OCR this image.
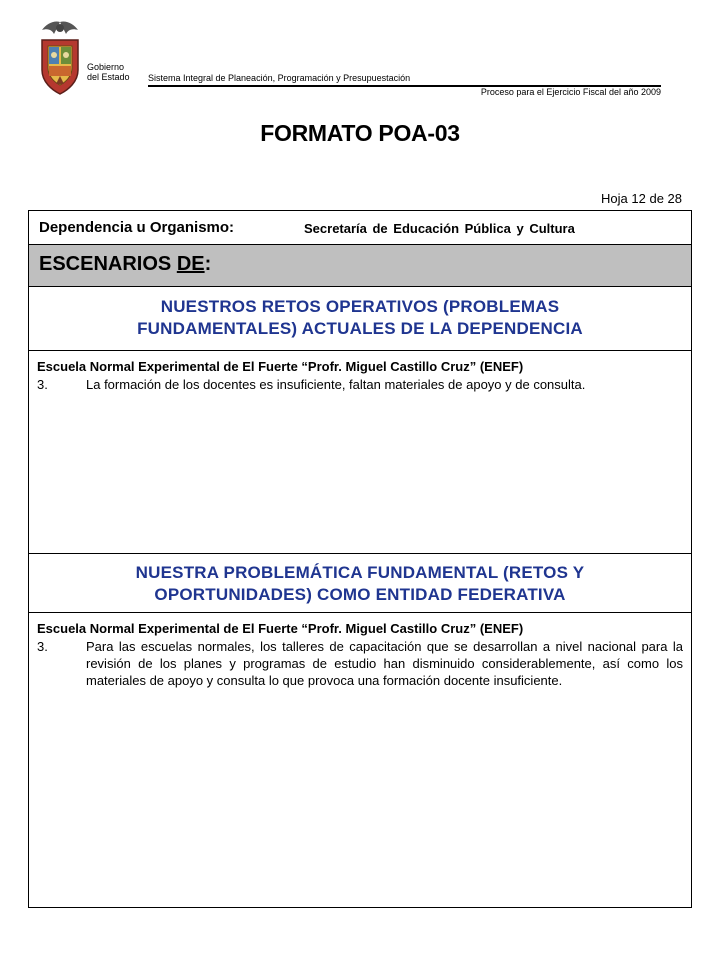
Gobierno
del Estado Sistema Integral de Planeación, Programación y Presupuestación
Proceso para el Ejercicio Fiscal del año 2009
FORMATO POA-03
Hoja 12 de 28
Dependencia u Organismo:	Secretaría de Educación Pública y Cultura
ESCENARIOS DE:
NUESTROS RETOS OPERATIVOS (PROBLEMAS
FUNDAMENTALES) ACTUALES DE LA DEPENDENCIA
Escuela Normal Experimental de El Fuerte “Profr. Miguel Castillo Cruz” (ENEF)
3.	La formación de los docentes es insuficiente, faltan materiales de apoyo y de consulta.
NUESTRA PROBLEMÁTICA FUNDAMENTAL (RETOS Y
OPORTUNIDADES) COMO ENTIDAD FEDERATIVA
Escuela Normal Experimental de El Fuerte “Profr. Miguel Castillo Cruz” (ENEF)
3.	Para las escuelas normales, los talleres de capacitación que se desarrollan a nivel nacional para la revisión de los planes y programas de estudio han disminuido considerablemente, así como los materiales de apoyo y consulta lo que provoca una formación docente insuficiente.
